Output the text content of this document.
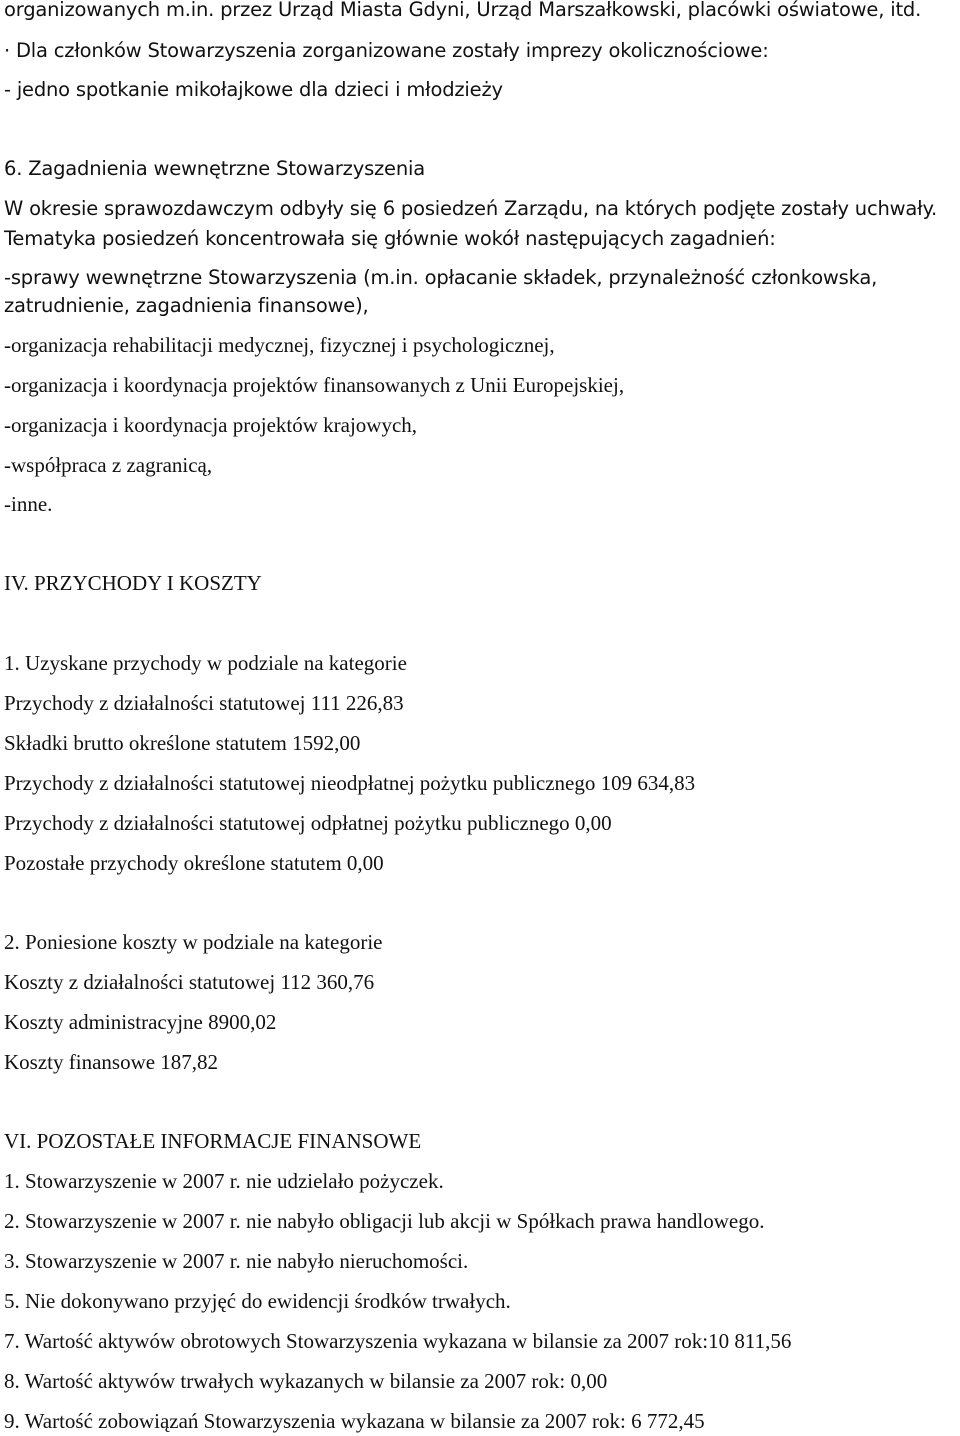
organizowanych m.in. przez Urząd Miasta Gdyni, Urząd Marszałkowski, placówki oświatowe, itd.
· Dla członków Stowarzyszenia zorganizowane zostały imprezy okolicznościowe:
- jedno spotkanie mikołajkowe dla dzieci i młodzieży
6. Zagadnienia wewnętrzne Stowarzyszenia
W okresie sprawozdawczym odbyły się 6 posiedzeń Zarządu, na których podjęte zostały uchwały.
Tematyka posiedzeń koncentrowała się głównie wokół następujących zagadnień:
-sprawy wewnętrzne Stowarzyszenia (m.in. opłacanie składek, przynależność członkowska,
zatrudnienie, zagadnienia finansowe),
-organizacja rehabilitacji medycznej, fizycznej i psychologicznej,
-organizacja i koordynacja projektów finansowanych z Unii Europejskiej,
-organizacja i koordynacja projektów krajowych,
-współpraca z zagranicą,
-inne.
IV. PRZYCHODY I KOSZTY
1. Uzyskane przychody w podziale na kategorie
Przychody z działalności statutowej 111 226,83
Składki brutto określone statutem 1592,00
Przychody z działalności statutowej nieodpłatnej pożytku publicznego 109 634,83
Przychody z działalności statutowej odpłatnej pożytku publicznego 0,00
Pozostałe przychody określone statutem 0,00
2. Poniesione koszty w podziale na kategorie
Koszty z działalności statutowej 112 360,76
Koszty administracyjne 8900,02
Koszty finansowe 187,82
VI. POZOSTAŁE INFORMACJE FINANSOWE
1. Stowarzyszenie w 2007 r. nie udzielało pożyczek.
2. Stowarzyszenie w 2007 r. nie nabyło obligacji lub akcji w Spółkach prawa handlowego.
3. Stowarzyszenie w 2007 r. nie nabyło nieruchomości.
5. Nie dokonywano przyjęć do ewidencji środków trwałych.
7. Wartość aktywów obrotowych Stowarzyszenia wykazana w bilansie za 2007 rok:10 811,56
8. Wartość aktywów trwałych wykazanych w bilansie za 2007 rok: 0,00
9. Wartość zobowiązań Stowarzyszenia wykazana w bilansie za 2007 rok: 6 772,45
